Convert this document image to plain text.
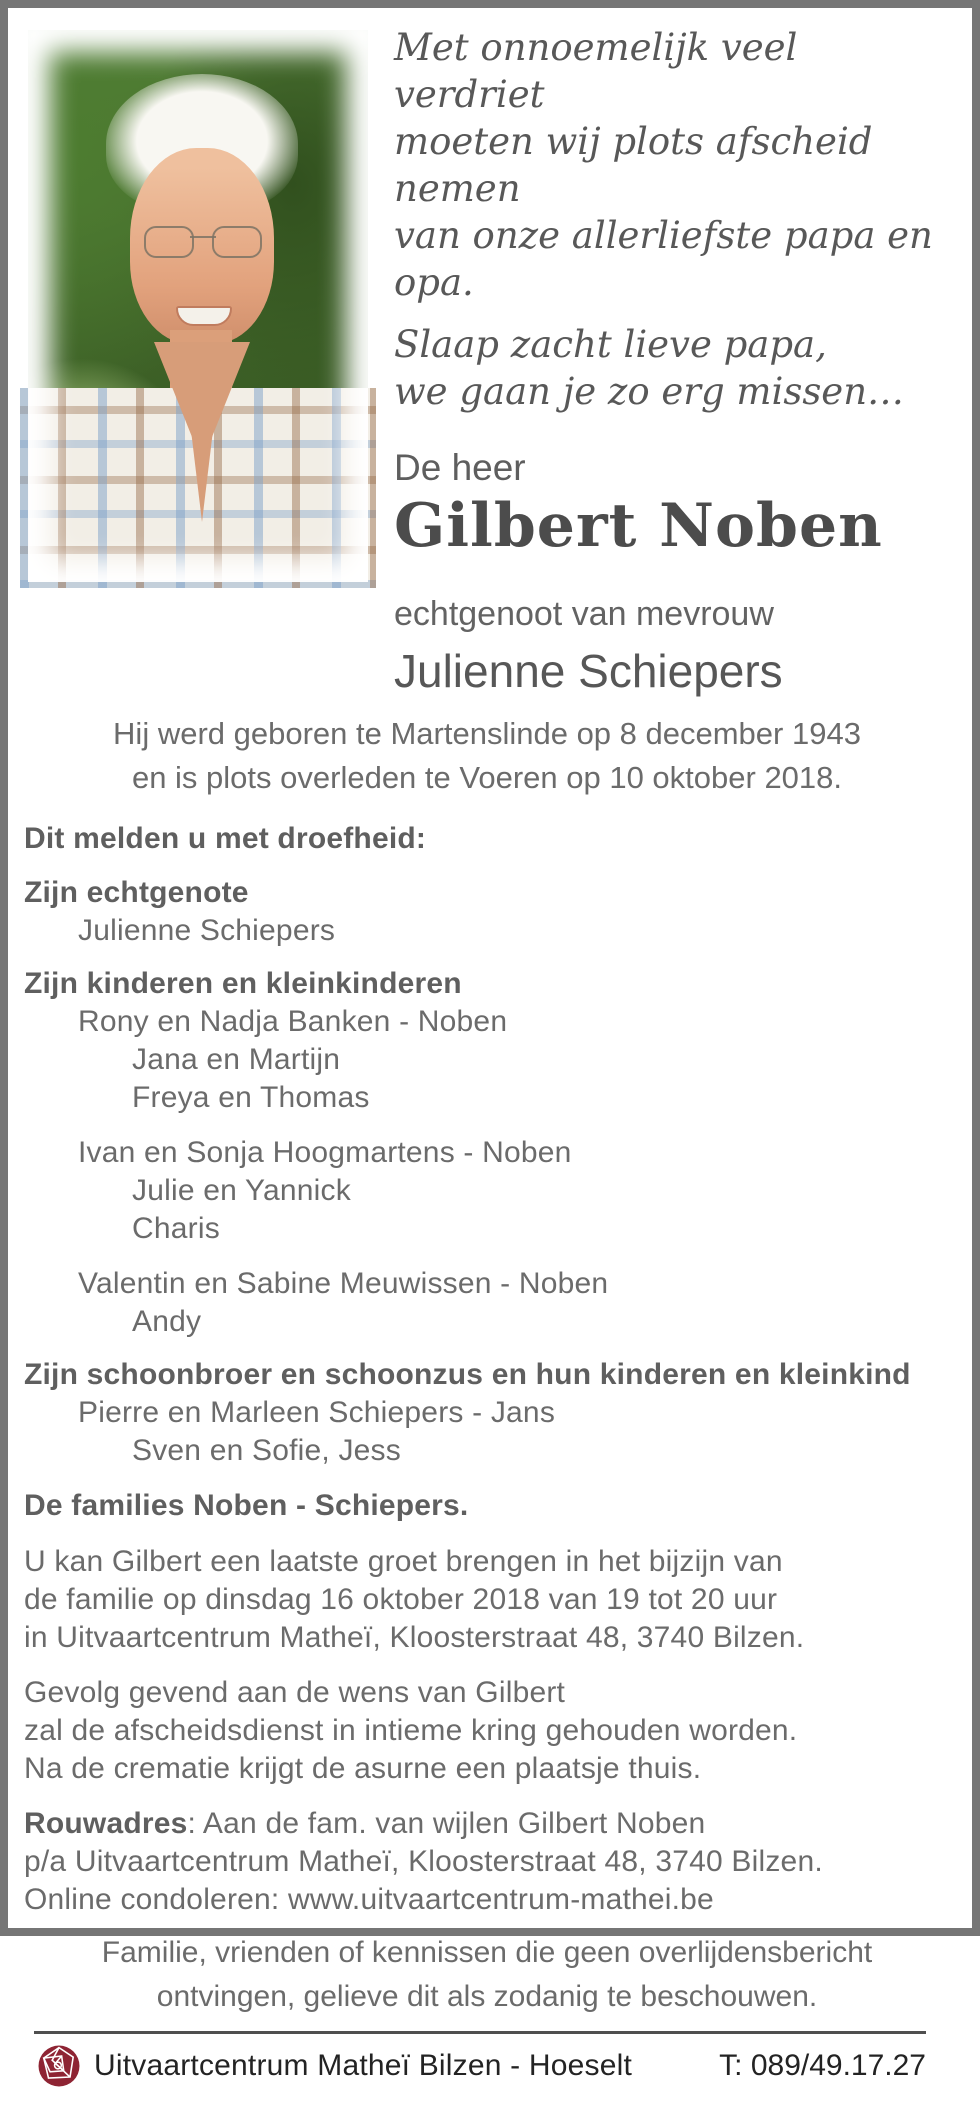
Met onnoemelijk veel verdriet
moeten wij plots afscheid nemen
van onze allerliefste papa en opa.
Slaap zacht lieve papa,
we gaan je zo erg missen…
De heer
Gilbert Noben
echtgenoot van mevrouw
Julienne Schiepers
Hij werd geboren te Martenslinde op 8 december 1943
en is plots overleden te Voeren op 10 oktober 2018.
Dit melden u met droefheid:
Zijn echtgenote
Julienne Schiepers
Zijn kinderen en kleinkinderen
Rony en Nadja Banken - Noben
Jana en Martijn
Freya en Thomas
Ivan en Sonja Hoogmartens - Noben
Julie en Yannick
Charis
Valentin en Sabine Meuwissen - Noben
Andy
Zijn schoonbroer en schoonzus en hun kinderen en kleinkind
Pierre en Marleen Schiepers - Jans
Sven en Sofie, Jess
De families Noben - Schiepers.
U kan Gilbert een laatste groet brengen in het bijzijn van
de familie op dinsdag 16 oktober 2018 van 19 tot 20 uur
in Uitvaartcentrum Matheï, Kloosterstraat 48, 3740 Bilzen.
Gevolg gevend aan de wens van Gilbert
zal de afscheidsdienst in intieme kring gehouden worden.
Na de crematie krijgt de asurne een plaatsje thuis.
Rouwadres: Aan de fam. van wijlen Gilbert Noben
p/a Uitvaartcentrum Matheï, Kloosterstraat 48, 3740 Bilzen.
Online condoleren: www.uitvaartcentrum-mathei.be
Familie, vrienden of kennissen die geen overlijdensbericht
ontvingen, gelieve dit als zodanig te beschouwen.
Uitvaartcentrum Matheï Bilzen - Hoeselt	T: 089/49.17.27
